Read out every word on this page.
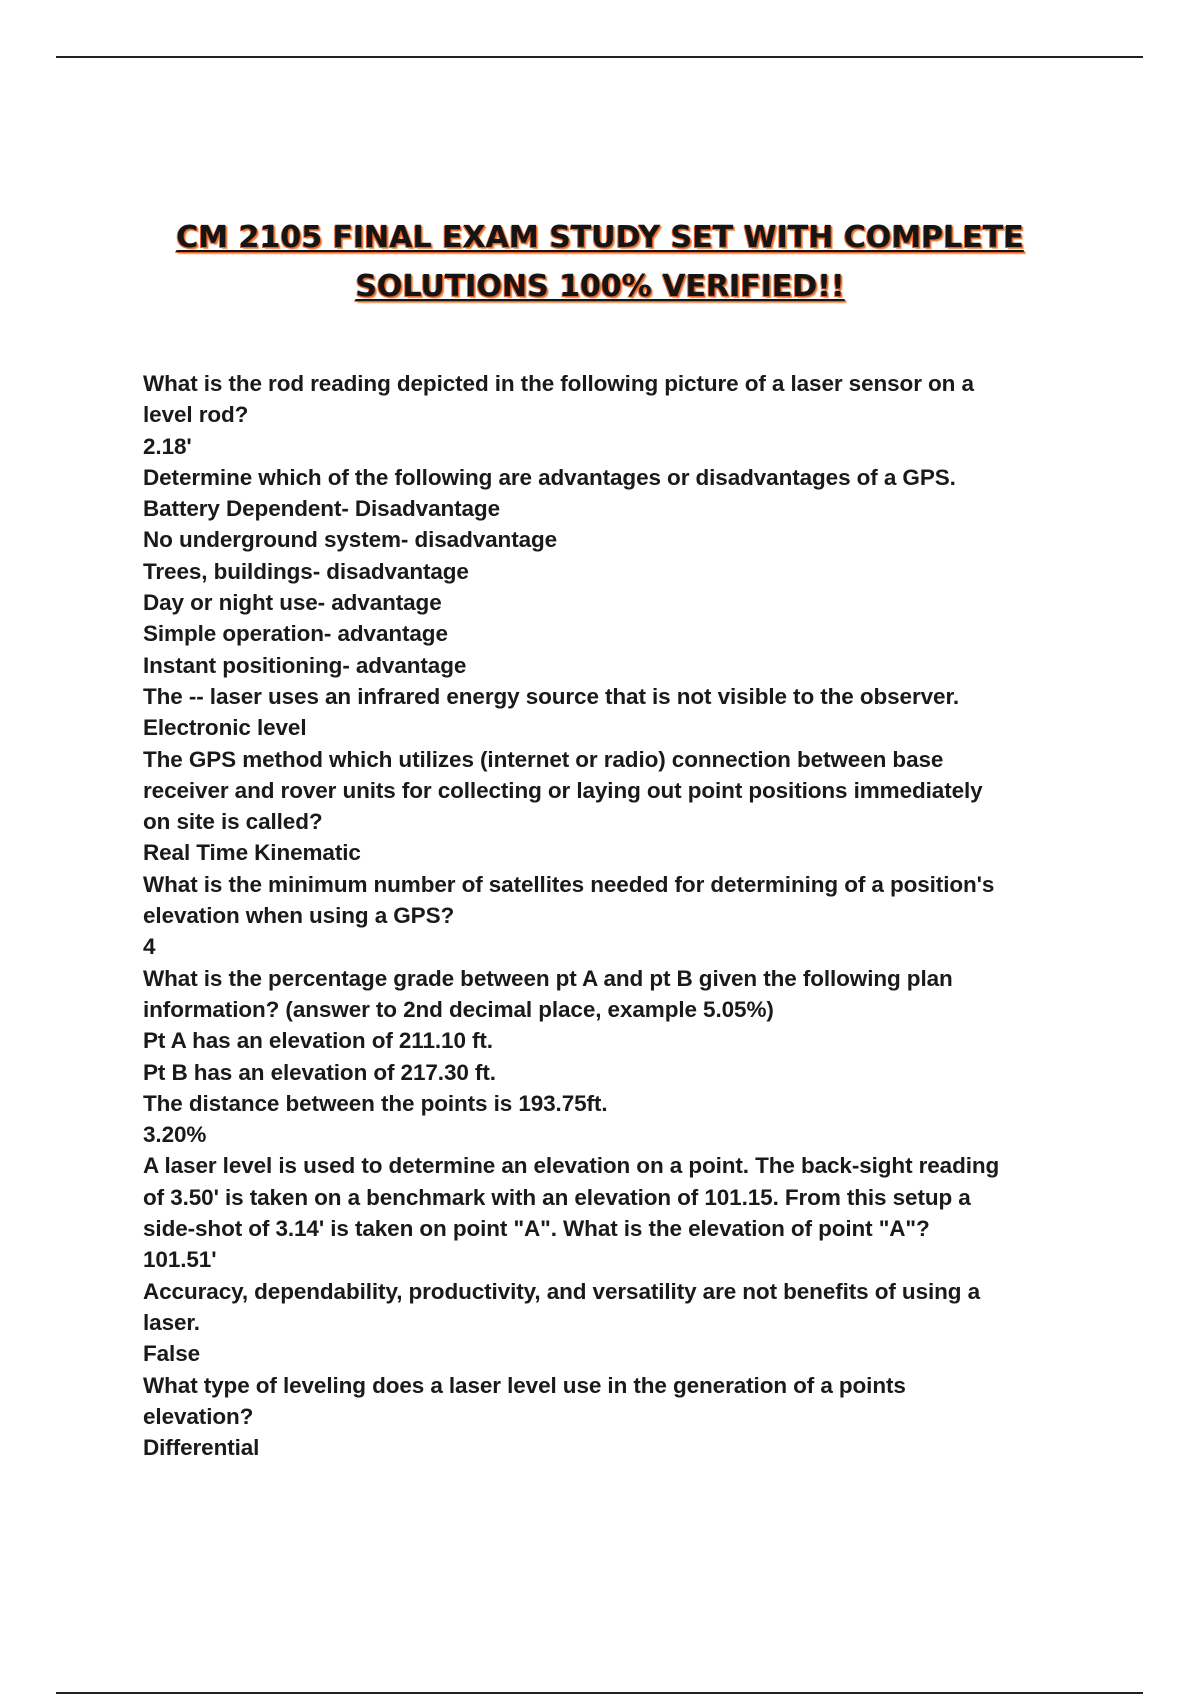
CM 2105 FINAL EXAM STUDY SET WITH COMPLETE
SOLUTIONS 100% VERIFIED!!
What is the rod reading depicted in the following picture of a laser sensor on a
level rod?
2.18'
Determine which of the following are advantages or disadvantages of a GPS.
Battery Dependent- Disadvantage
No underground system- disadvantage
Trees, buildings- disadvantage
Day or night use- advantage
Simple operation- advantage
Instant positioning- advantage
The -- laser uses an infrared energy source that is not visible to the observer.
Electronic level
The GPS method which utilizes (internet or radio) connection between base
receiver and rover units for collecting or laying out point positions immediately
on site is called?
Real Time Kinematic
What is the minimum number of satellites needed for determining of a position's
elevation when using a GPS?
4
What is the percentage grade between pt A and pt B given the following plan
information? (answer to 2nd decimal place, example 5.05%)
Pt A has an elevation of 211.10 ft.
Pt B has an elevation of 217.30 ft.
The distance between the points is 193.75ft.
3.20%
A laser level is used to determine an elevation on a point. The back-sight reading
of 3.50' is taken on a benchmark with an elevation of 101.15. From this setup a
side-shot of 3.14' is taken on point "A". What is the elevation of point "A"?
101.51'
Accuracy, dependability, productivity, and versatility are not benefits of using a
laser.
False
What type of leveling does a laser level use in the generation of a points
elevation?
Differential
